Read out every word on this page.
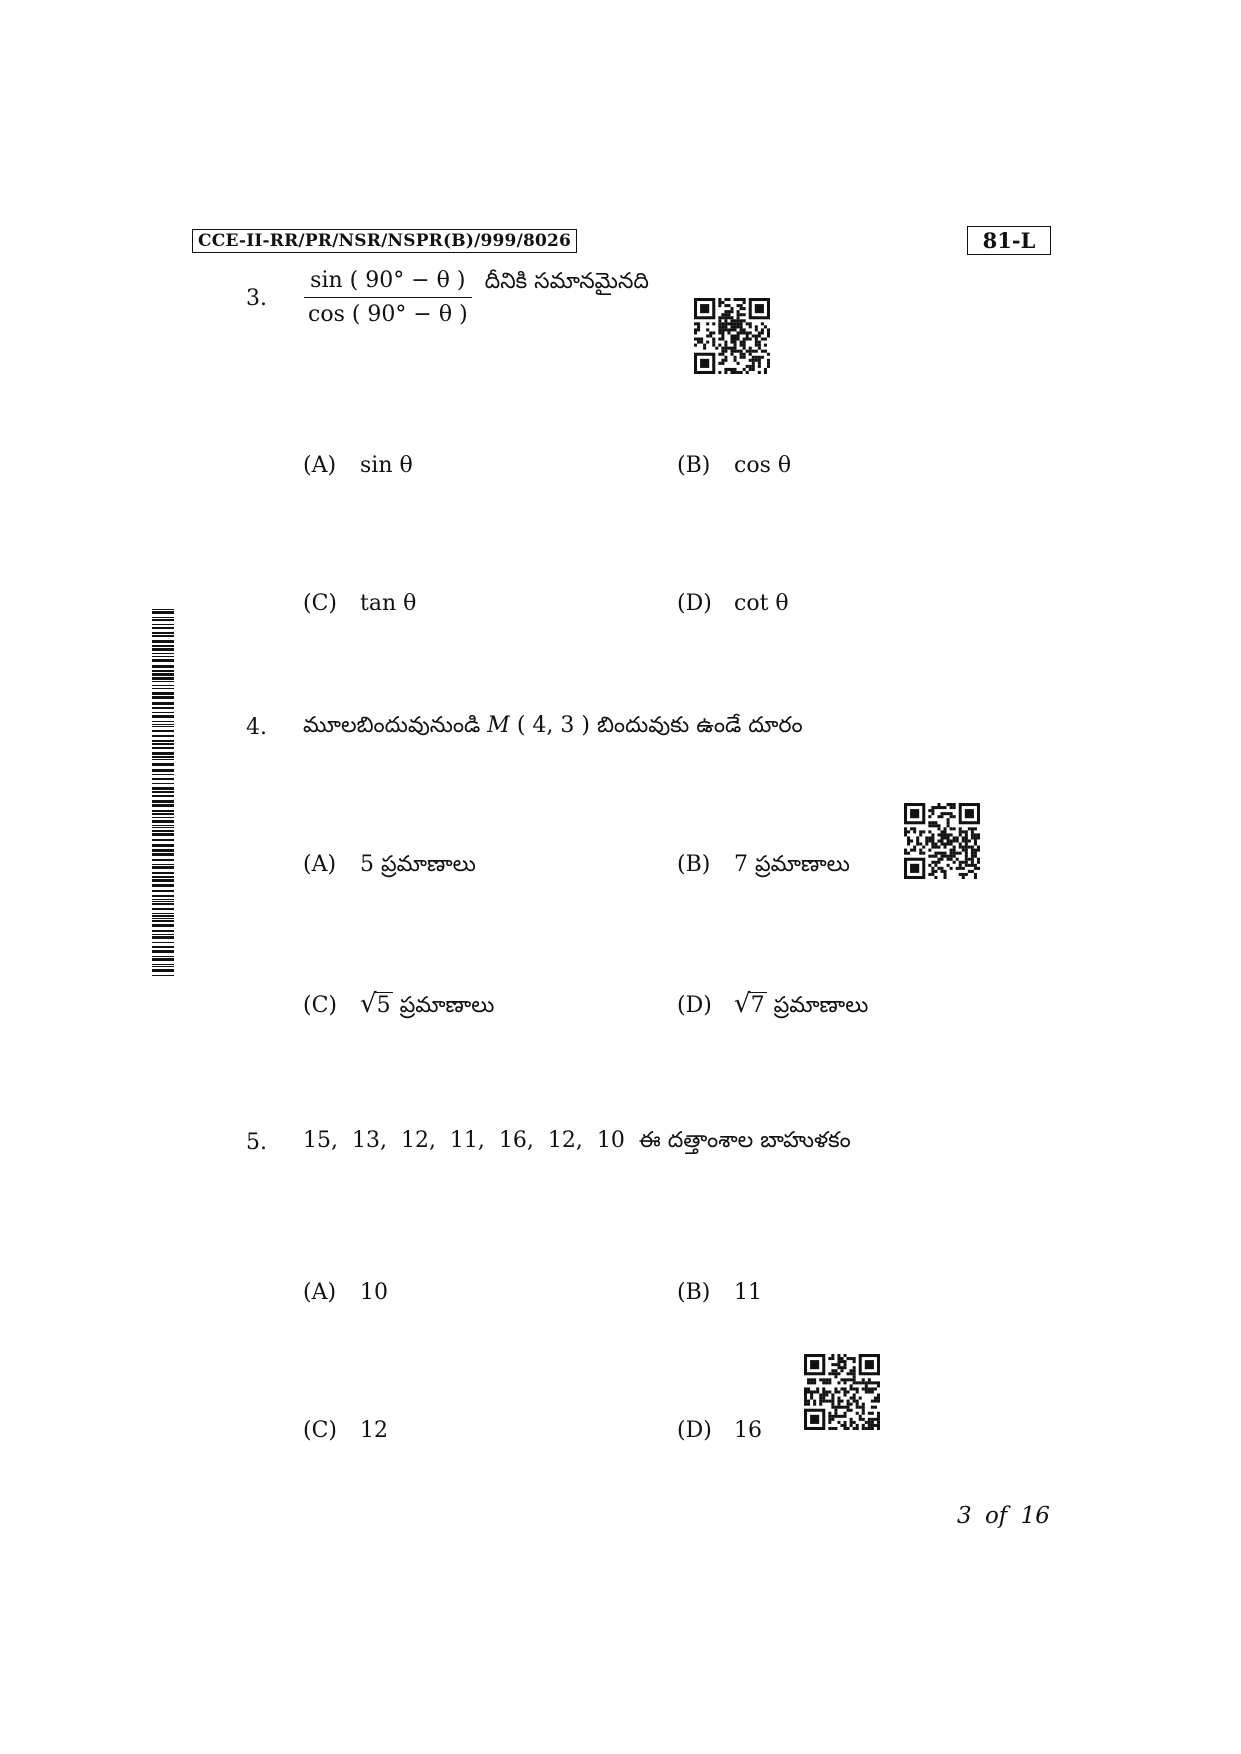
CCE-II-RR/PR/NSR/NSPR(B)/999/8026	81-L
3. $\frac{\sin ( 90^\circ - \theta )}{\cos ( 90^\circ - \theta )}$ దీనికి సమానమైనది
(A) sin θ	(B) cos θ
(C) tan θ	(D) cot θ
4. మూలబిందువునుండి M ( 4, 3 ) బిందువుకు ఉండే దూరం
(A) 5 ప్రమాణాలు	(B) 7 ప్రమాణాలు
(C) √5 ప్రమాణాలు	(D) √7 ప్రమాణాలు
5. 15,  13,  12,  11,  16,  12,  10 ఈ దత్తాంశాల బాహుళకం
(A) 10	(B) 11
(C) 12	(D) 16
3 of 16
